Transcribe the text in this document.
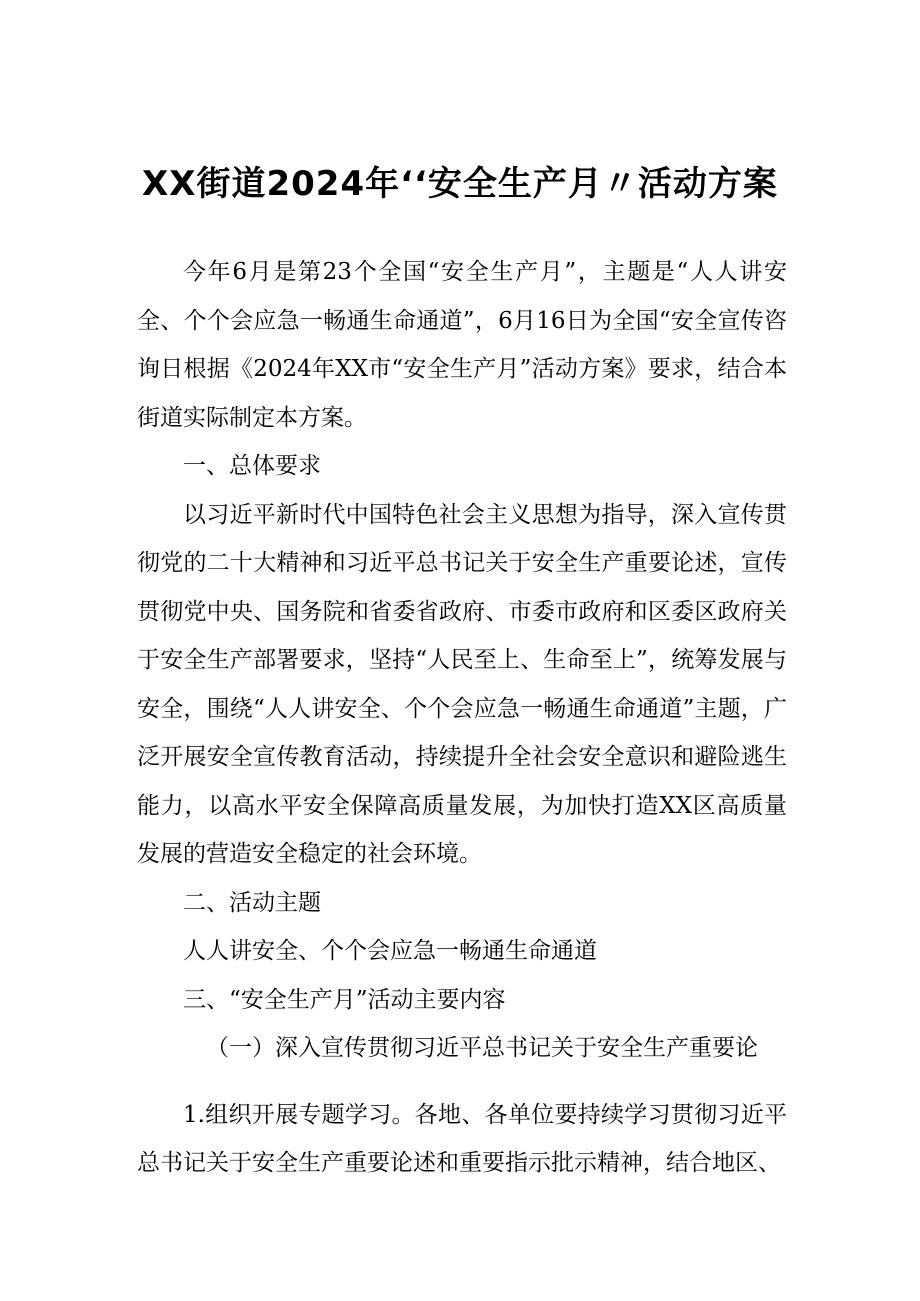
XX街道2024年‘‘安全生产月〃活动方案

今年6月是第23个全国“安全生产月”，主题是“人人讲安全、个个会应急一畅通生命通道”，6月16日为全国“安全宣传咨询日根据《2024年XX市“安全生产月”活动方案》要求，结合本街道实际制定本方案。

一、总体要求

以习近平新时代中国特色社会主义思想为指导，深入宣传贯彻党的二十大精神和习近平总书记关于安全生产重要论述，宣传贯彻党中央、国务院和省委省政府、市委市政府和区委区政府关于安全生产部署要求，坚持“人民至上、生命至上”，统筹发展与安全，围绕“人人讲安全、个个会应急一畅通生命通道”主题，广泛开展安全宣传教育活动，持续提升全社会安全意识和避险逃生能力，以高水平安全保障高质量发展，为加快打造XX区高质量发展的营造安全稳定的社会环境。

二、活动主题

人人讲安全、个个会应急一畅通生命通道

三、“安全生产月”活动主要内容

（一）深入宣传贯彻习近平总书记关于安全生产重要论

1.组织开展专题学习。各地、各单位要持续学习贯彻习近平总书记关于安全生产重要论述和重要指示批示精神，结合地区、
